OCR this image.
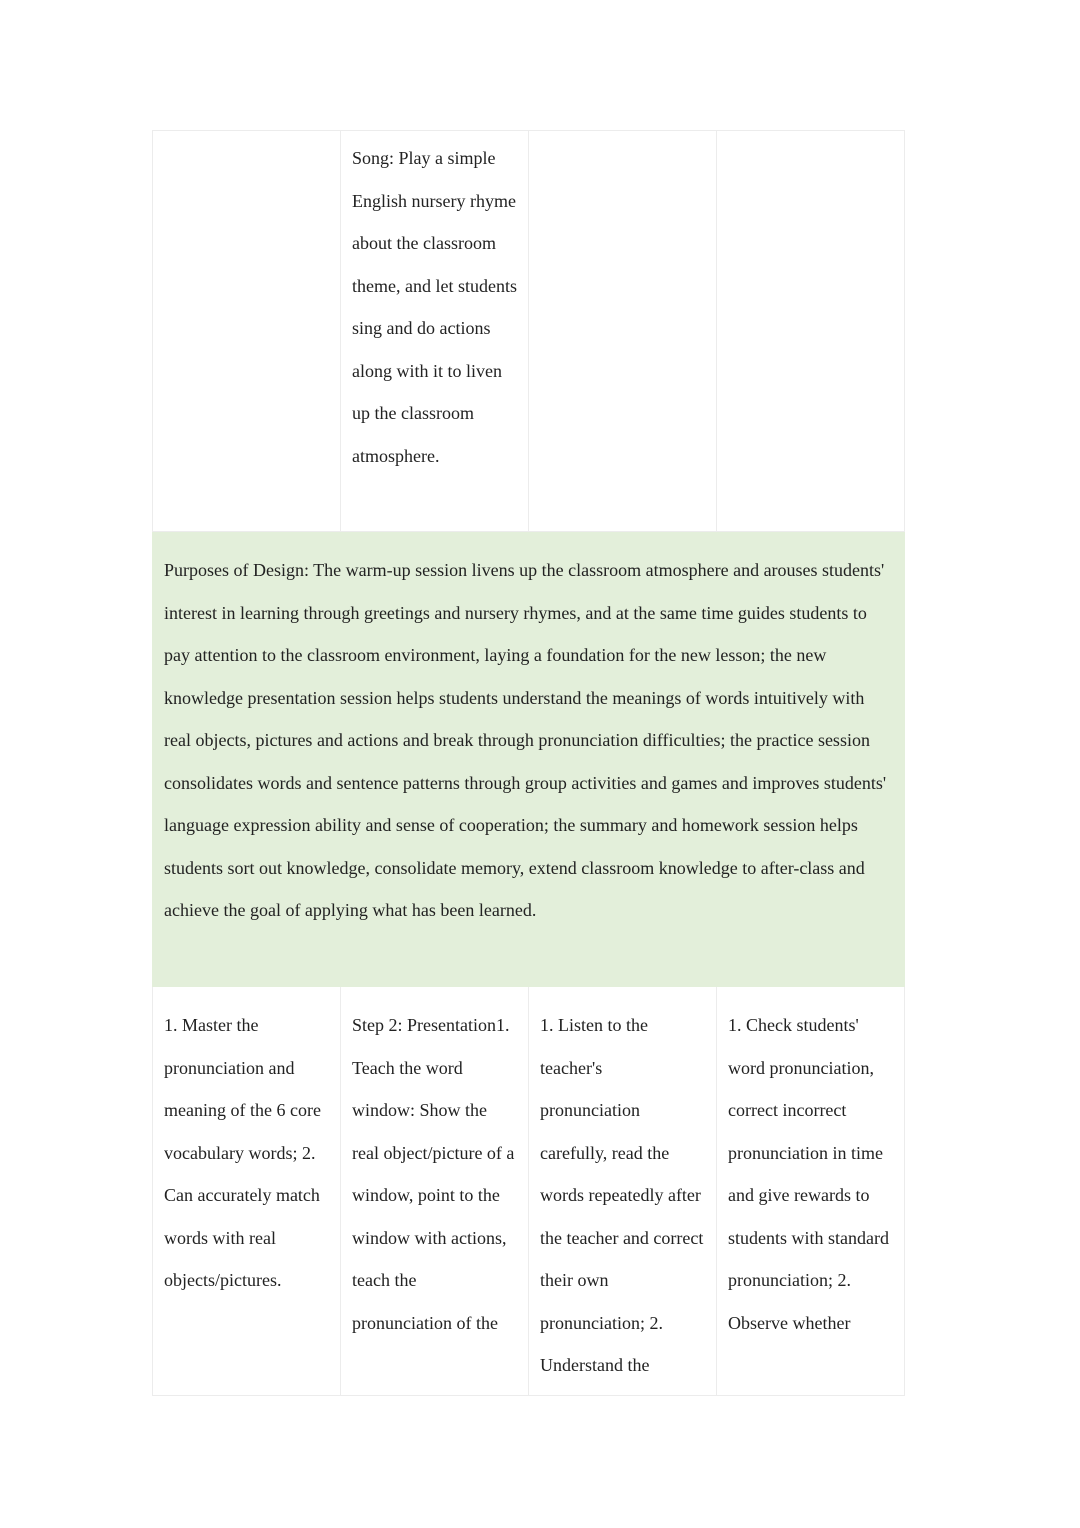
	Song: Play a simple English nursery rhyme about the classroom theme, and let students sing and do actions along with it to liven up the classroom atmosphere.		

Purposes of Design: The warm-up session livens up the classroom atmosphere and arouses students' interest in learning through greetings and nursery rhymes, and at the same time guides students to pay attention to the classroom environment, laying a foundation for the new lesson; the new knowledge presentation session helps students understand the meanings of words intuitively with real objects, pictures and actions and break through pronunciation difficulties; the practice session consolidates words and sentence patterns through group activities and games and improves students' language expression ability and sense of cooperation; the summary and homework session helps students sort out knowledge, consolidate memory, extend classroom knowledge to after-class and achieve the goal of applying what has been learned.			

1. Master the pronunciation and meaning of the 6 core vocabulary words; 2. Can accurately match words with real objects/pictures.	Step 2: Presentation1. Teach the word window: Show the real object/picture of a window, point to the window with actions, teach the pronunciation of the	1. Listen to the teacher's pronunciation carefully, read the words repeatedly after the teacher and correct their own pronunciation; 2. Understand the	1. Check students' word pronunciation, correct incorrect pronunciation in time and give rewards to students with standard pronunciation; 2. Observe whether
